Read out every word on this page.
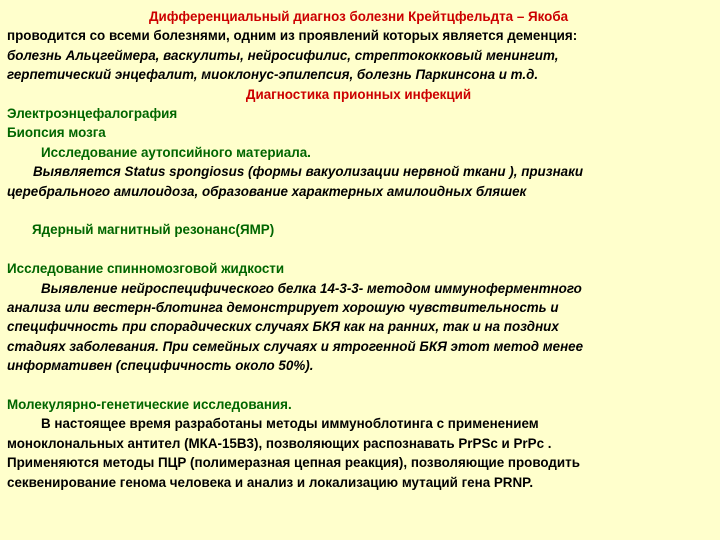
Дифференциальный диагноз болезни Крейтцфельдта – Якоба
проводится со всеми болезнями, одним из проявлений которых является деменция:
болезнь Альцгеймера, васкулиты, нейросифилис, стрептококковый менингит,
герпетический энцефалит, миоклонус-эпилепсия, болезнь Паркинсона и т.д.
Диагностика прионных инфекций
Электроэнцефалография
Биопсия мозга
Исследование аутопсийного материала.
Выявляется Status spongiosus (формы вакуолизации нервной ткани ), признаки
церебрального амилоидоза, образование характерных амилоидных бляшек
Ядерный магнитный резонанс(ЯМР)
Исследование спинномозговой жидкости
Выявление нейроспецифического белка 14-3-3- методом иммуноферментного
анализа или вестерн-блотинга демонстрирует хорошую чувствительность и
специфичность при спорадических случаях БКЯ как на ранних, так и на поздних
стадиях заболевания. При семейных случаях и ятрогенной БКЯ этот метод менее
информативен (специфичность около 50%).
Молекулярно-генетические исследования.
В настоящее время разработаны методы иммуноблотинга с применением
моноклональных антител (МКА-15В3), позволяющих распознавать PrPSc и PrPc .
Применяются методы ПЦР (полимеразная цепная реакция), позволяющие проводить
секвенирование генома человека и анализ и локализацию мутаций гена PRNP.
